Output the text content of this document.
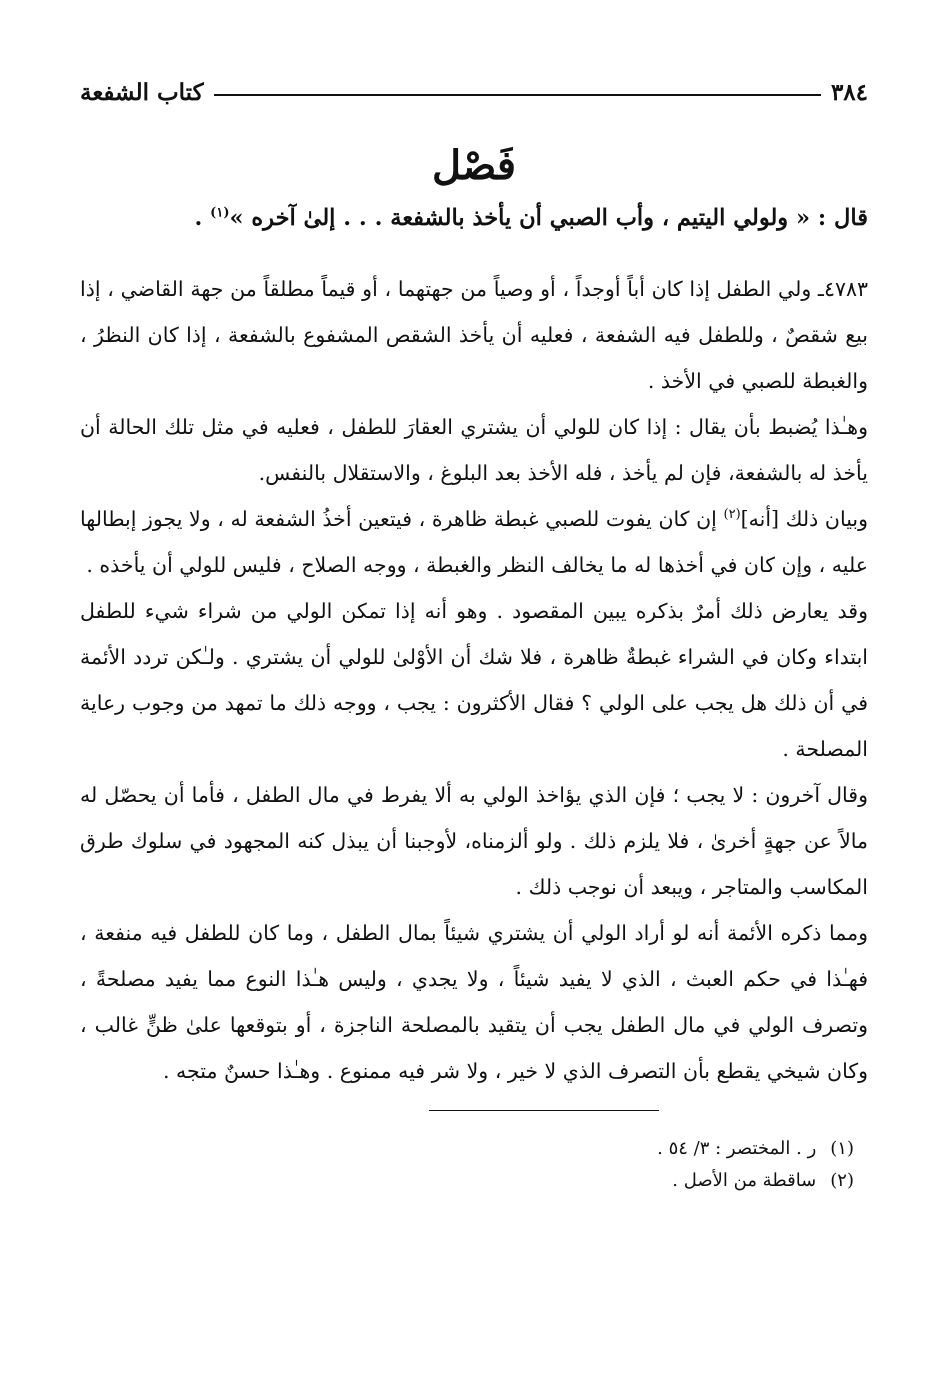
٣٨٤
كتاب الشفعة
فَصْل
قال : « ولولي اليتيم ، وأب الصبي أن يأخذ بالشفعة . . . إلىٰ آخره »$^{(١)}$ .

٤٧٨٣ـ ولي الطفل إذا كان أباً أوجداً ، أو وصياً من جهتهما ، أو قيماً مطلقاً من جهة القاضي ، إذا بيع شقصٌ ، وللطفل فيه الشفعة ، فعليه أن يأخذ الشقص المشفوع بالشفعة ، إذا كان النظرُ ، والغبطة للصبي في الأخذ .

وهـٰذا يُضبط بأن يقال : إذا كان للولي أن يشتري العقارَ للطفل ، فعليه في مثل تلك الحالة أن يأخذ له بالشفعة، فإن لم يأخذ ، فله الأخذ بعد البلوغ ، والاستقلال بالنفس.

وبيان ذلك [أنه]$^{(٢)}$ إن كان يفوت للصبي غبطة ظاهرة ، فيتعين أخذُ الشفعة له ، ولا يجوز إبطالها عليه ، وإن كان في أخذها له ما يخالف النظر والغبطة ، ووجه الصلاح ، فليس للولي أن يأخذه .

وقد يعارض ذلك أمرٌ بذكره يبين المقصود . وهو أنه إذا تمكن الولي من شراء شيء للطفل ابتداء وكان في الشراء غبطةٌ ظاهرة ، فلا شك أن الأوْلىٰ للولي أن يشتري . ولـٰكن تردد الأئمة في أن ذلك هل يجب على الولي ؟ فقال الأكثرون : يجب ، ووجه ذلك ما تمهد من وجوب رعاية المصلحة .

وقال آخرون : لا يجب ؛ فإن الذي يؤاخذ الولي به ألا يفرط في مال الطفل ، فأما أن يحصّل له مالاً عن جهةٍ أخرىٰ ، فلا يلزم ذلك . ولو ألزمناه، لأوجبنا أن يبذل كنه المجهود في سلوك طرق المكاسب والمتاجر ، ويبعد أن نوجب ذلك .

ومما ذكره الأئمة أنه لو أراد الولي أن يشتري شيئاً بمال الطفل ، وما كان للطفل فيه منفعة ، فهـٰذا في حكم العبث ، الذي لا يفيد شيئاً ، ولا يجدي ، وليس هـٰذا النوع مما يفيد مصلحةً ، وتصرف الولي في مال الطفل يجب أن يتقيد بالمصلحة الناجزة ، أو بتوقعها علىٰ ظنٍّ غالب ، وكان شيخي يقطع بأن التصرف الذي لا خير ، ولا شر فيه ممنوع . وهـٰذا حسنٌ متجه .

(١)ر . المختصر : ٣/ ٥٤ .
(٢)ساقطة من الأصل .
